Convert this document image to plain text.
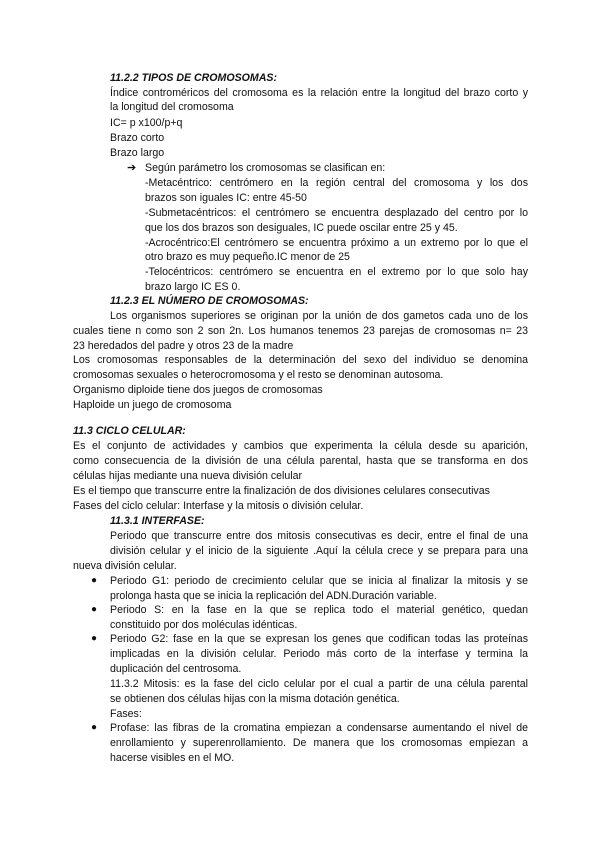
11.2.2 TIPOS DE CROMOSOMAS:
Índice controméricos del cromosoma es la relación entre la longitud del brazo corto y
la longitud del cromosoma
IC= p x100/p+q
Brazo corto
Brazo largo
➔ Según parámetro los cromosomas se clasifican en:
-Metacéntrico: centrómero en la región central del cromosoma y los dos
brazos son iguales IC: entre 45-50
-Submetacéntricos: el centrómero se encuentra desplazado del centro por lo
que los dos brazos son desiguales, IC puede oscilar entre 25 y 45.
-Acrocéntrico:El centrómero se encuentra próximo a un extremo por lo que el
otro brazo es muy pequeño.IC menor de 25
-Telocéntricos: centrómero se encuentra en el extremo por lo que solo hay
brazo largo IC ES 0.
11.2.3 EL NÚMERO DE CROMOSOMAS:
Los organismos superiores se originan por la unión de dos gametos cada uno de los
cuales tiene n como son 2 son 2n. Los humanos tenemos 23 parejas de cromosomas n= 23
23 heredados del padre y otros 23 de la madre
Los cromosomas responsables de la determinación del sexo del individuo se denomina
cromosomas sexuales o heterocromosoma y el resto se denominan autosoma.
Organismo diploide tiene dos juegos de cromosomas
Haploide un juego de cromosoma
11.3 CICLO CELULAR:
Es el conjunto de actividades y cambios que experimenta la célula desde su aparición,
como consecuencia de la división de una célula parental, hasta que se transforma en dos
células hijas mediante una nueva división celular
Es el tiempo que transcurre entre la finalización de dos divisiones celulares consecutivas
Fases del ciclo celular: Interfase y la mitosis o división celular.
11.3.1 INTERFASE:
Periodo que transcurre entre dos mitosis consecutivas es decir, entre el final de una
división celular y el inicio de la siguiente .Aquí la célula crece y se prepara para una
nueva división celular.
● Periodo G1: periodo de crecimiento celular que se inicia al finalizar la mitosis y se
prolonga hasta que se inicia la replicación del ADN.Duración variable.
● Periodo S: en la fase en la que se replica todo el material genético, quedan
constituido por dos moléculas idénticas.
● Periodo G2: fase en la que se expresan los genes que codifican todas las proteínas
implicadas en la división celular. Periodo más corto de la interfase y termina la
duplicación del centrosoma.
11.3.2 Mitosis: es la fase del ciclo celular por el cual a partir de una célula parental
se obtienen dos células hijas con la misma dotación genética.
Fases:
● Profase: las fibras de la cromatina empiezan a condensarse aumentando el nivel de
enrollamiento y superenrollamiento. De manera que los cromosomas empiezan a
hacerse visibles en el MO.
